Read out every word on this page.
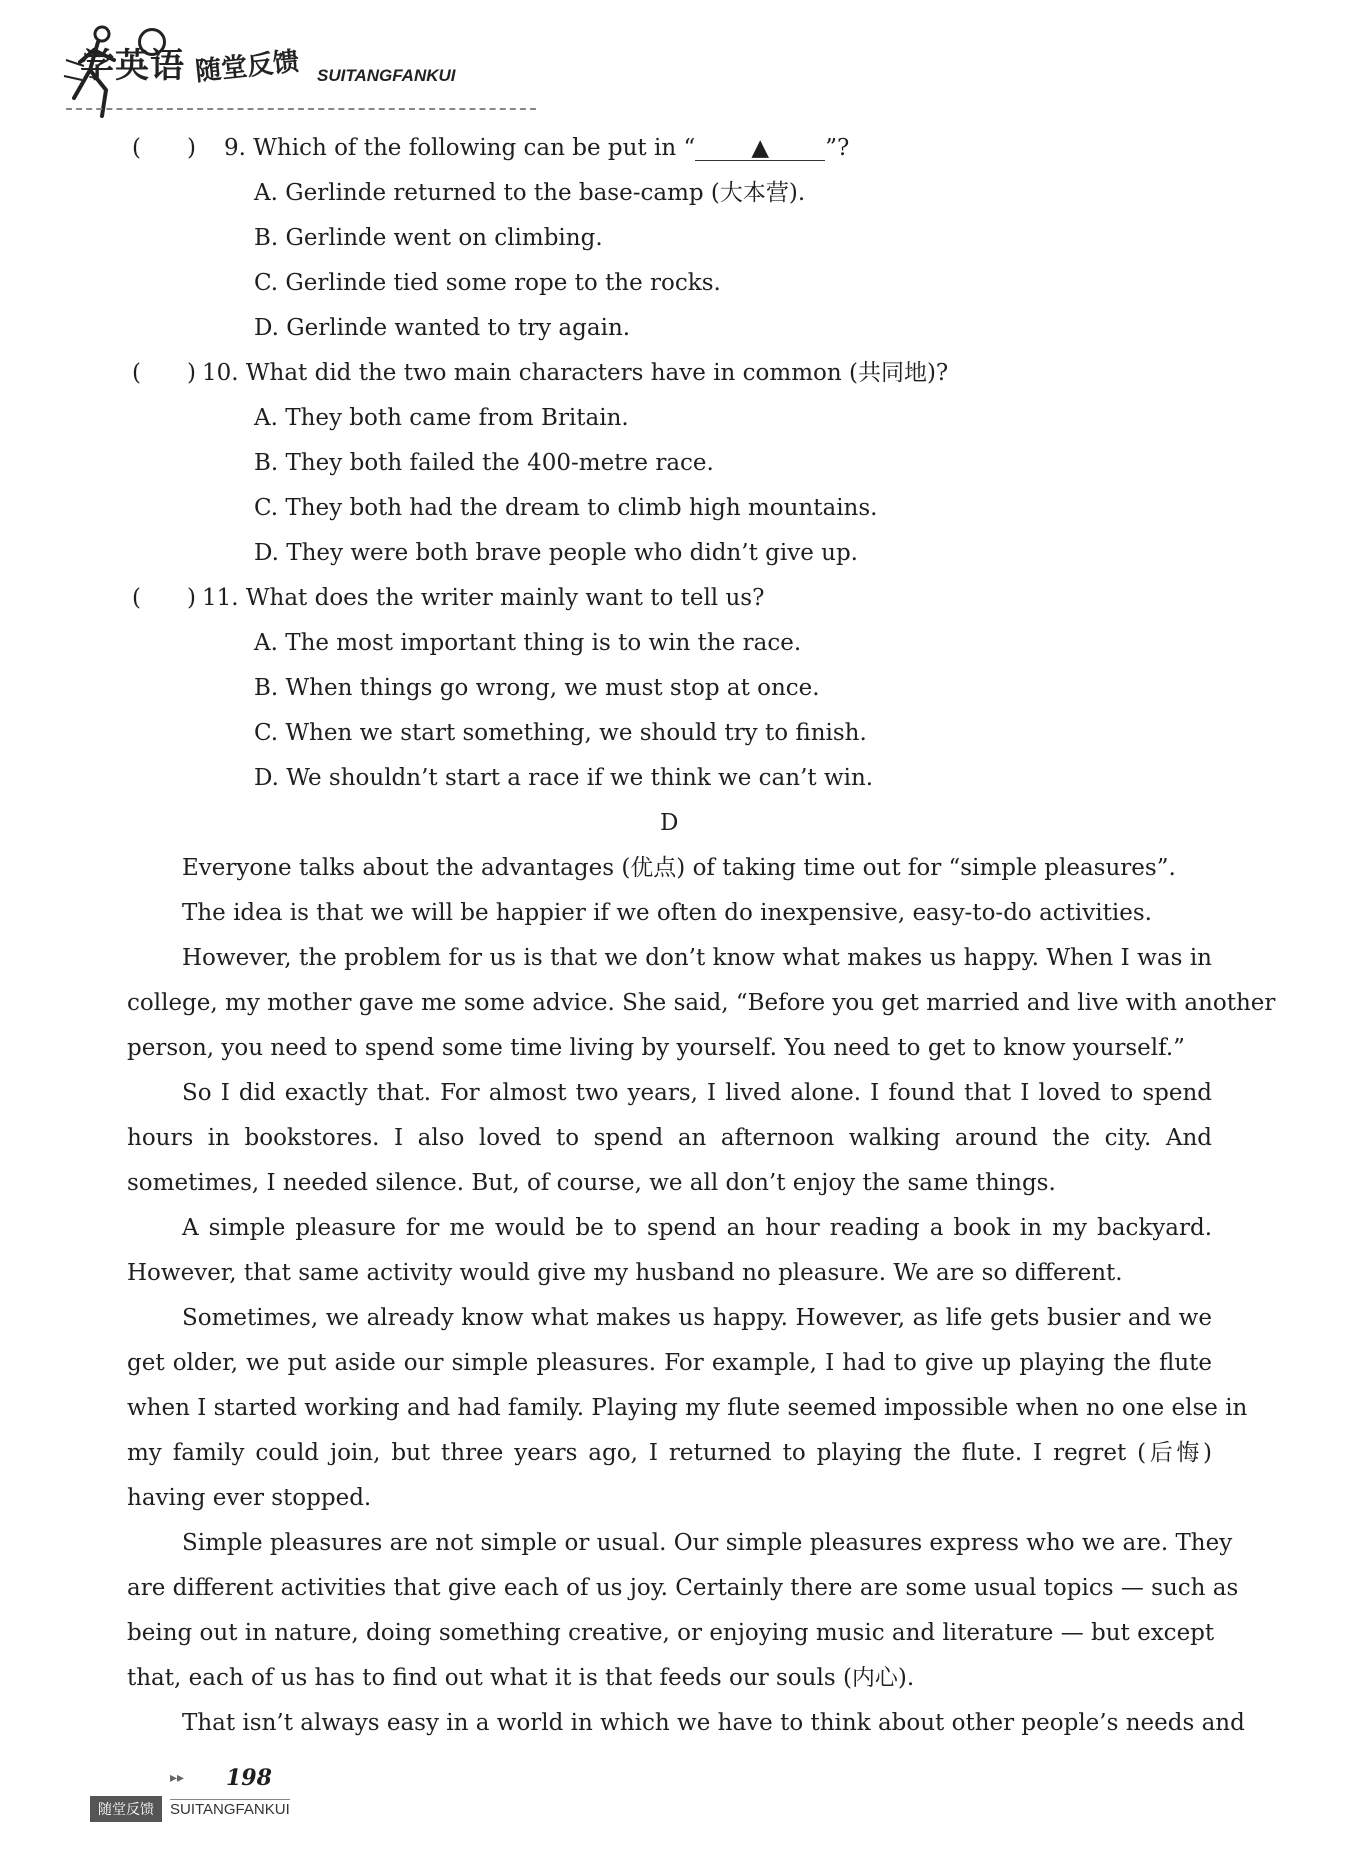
学英语 随堂反馈 SUITANGFANKUI
(　　) 9. Which of the following can be put in “ ▲ ”?
A. Gerlinde returned to the base-camp (大本营).
B. Gerlinde went on climbing.
C. Gerlinde tied some rope to the rocks.
D. Gerlinde wanted to try again.
(　　) 10. What did the two main characters have in common (共同地)?
A. They both came from Britain.
B. They both failed the 400-metre race.
C. They both had the dream to climb high mountains.
D. They were both brave people who didn’t give up.
(　　) 11. What does the writer mainly want to tell us?
A. The most important thing is to win the race.
B. When things go wrong, we must stop at once.
C. When we start something, we should try to finish.
D. We shouldn’t start a race if we think we can’t win.
D
Everyone talks about the advantages (优点) of taking time out for “simple pleasures”.
The idea is that we will be happier if we often do inexpensive, easy-to-do activities.
However, the problem for us is that we don’t know what makes us happy. When I was in
college, my mother gave me some advice. She said, “Before you get married and live with another
person, you need to spend some time living by yourself. You need to get to know yourself.”
So I did exactly that. For almost two years, I lived alone. I found that I loved to spend
hours in bookstores. I also loved to spend an afternoon walking around the city. And
sometimes, I needed silence. But, of course, we all don’t enjoy the same things.
A simple pleasure for me would be to spend an hour reading a book in my backyard.
However, that same activity would give my husband no pleasure. We are so different.
Sometimes, we already know what makes us happy. However, as life gets busier and we
get older, we put aside our simple pleasures. For example, I had to give up playing the flute
when I started working and had family. Playing my flute seemed impossible when no one else in
my family could join, but three years ago, I returned to playing the flute. I regret (后悔)
having ever stopped.
Simple pleasures are not simple or usual. Our simple pleasures express who we are. They
are different activities that give each of us joy. Certainly there are some usual topics — such as
being out in nature, doing something creative, or enjoying music and literature — but except
that, each of us has to find out what it is that feeds our souls (内心).
That isn’t always easy in a world in which we have to think about other people’s needs and
▸▸ 198
随堂反馈	SUITANGFANKUI
